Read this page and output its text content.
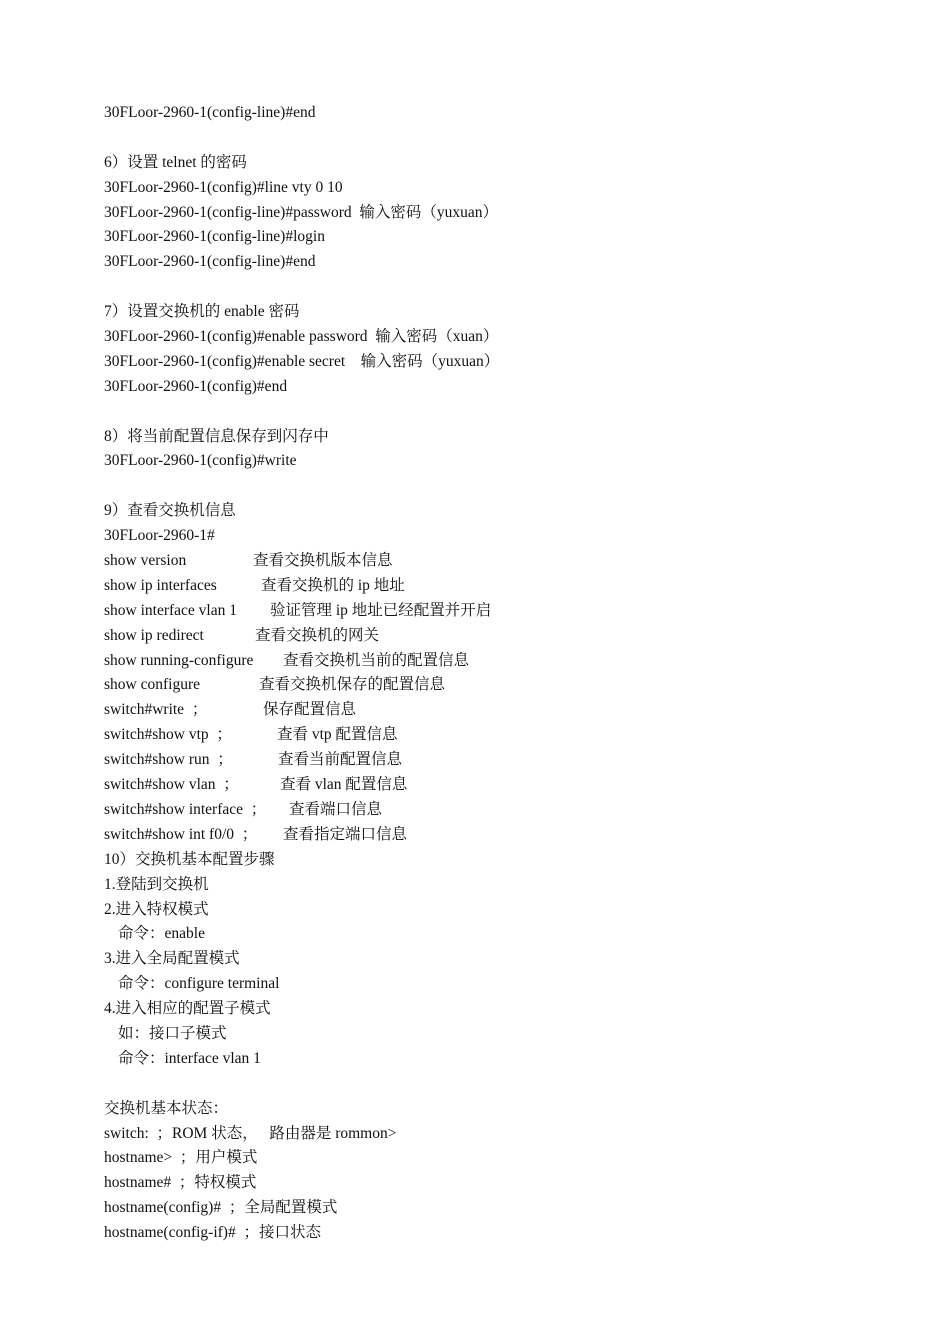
30FLoor-2960-1(config-line)#end
6）设置 telnet 的密码
30FLoor-2960-1(config)#line vty 0 10
30FLoor-2960-1(config-line)#password  输入密码（yuxuan）
30FLoor-2960-1(config-line)#login
30FLoor-2960-1(config-line)#end
7）设置交换机的 enable 密码
30FLoor-2960-1(config)#enable password  输入密码（xuan）
30FLoor-2960-1(config)#enable secret    输入密码（yuxuan）
30FLoor-2960-1(config)#end
8）将当前配置信息保存到闪存中
30FLoor-2960-1(config)#write
9）查看交换机信息
30FLoor-2960-1#
show version	查看交换机版本信息
show ip interfaces	查看交换机的 ip 地址
show interface vlan 1	验证管理 ip 地址已经配置并开启
show ip redirect	查看交换机的网关
show running-configure	查看交换机当前的配置信息
show configure	查看交换机保存的配置信息
switch#write  ；	保存配置信息
switch#show vtp  ；	查看 vtp 配置信息
switch#show run  ；	查看当前配置信息
switch#show vlan  ；	查看 vlan 配置信息
switch#show interface  ；	查看端口信息
switch#show int f0/0  ；	查看指定端口信息
10）交换机基本配置步骤
1.登陆到交换机
2.进入特权模式
命令：enable
3.进入全局配置模式
命令：configure terminal
4.进入相应的配置子模式
如：接口子模式
命令：interface vlan 1
交换机基本状态：
switch:  ；ROM 状态，   路由器是 rommon>
hostname>  ；用户模式
hostname#  ；特权模式
hostname(config)#  ；全局配置模式
hostname(config-if)#  ；接口状态
